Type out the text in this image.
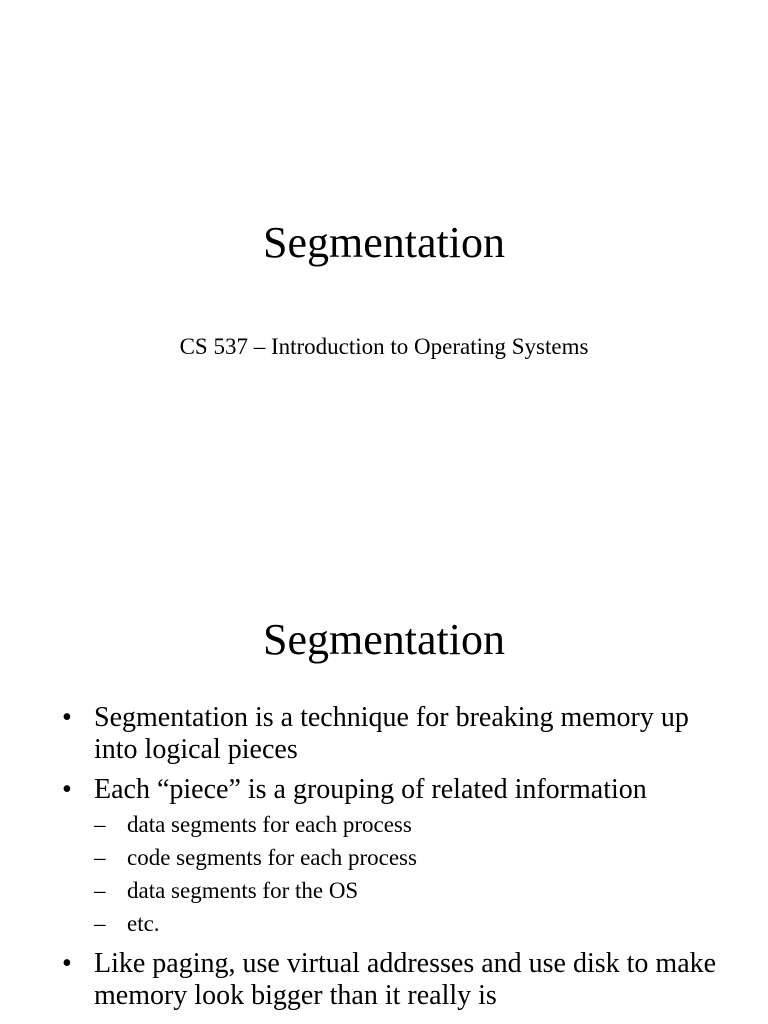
Segmentation

CS 537 – Introduction to Operating Systems

Segmentation
• Segmentation is a technique for breaking memory up into logical pieces
• Each “piece” is a grouping of related information
– data segments for each process
– code segments for each process
– data segments for the OS
– etc.
• Like paging, use virtual addresses and use disk to make memory look bigger than it really is
